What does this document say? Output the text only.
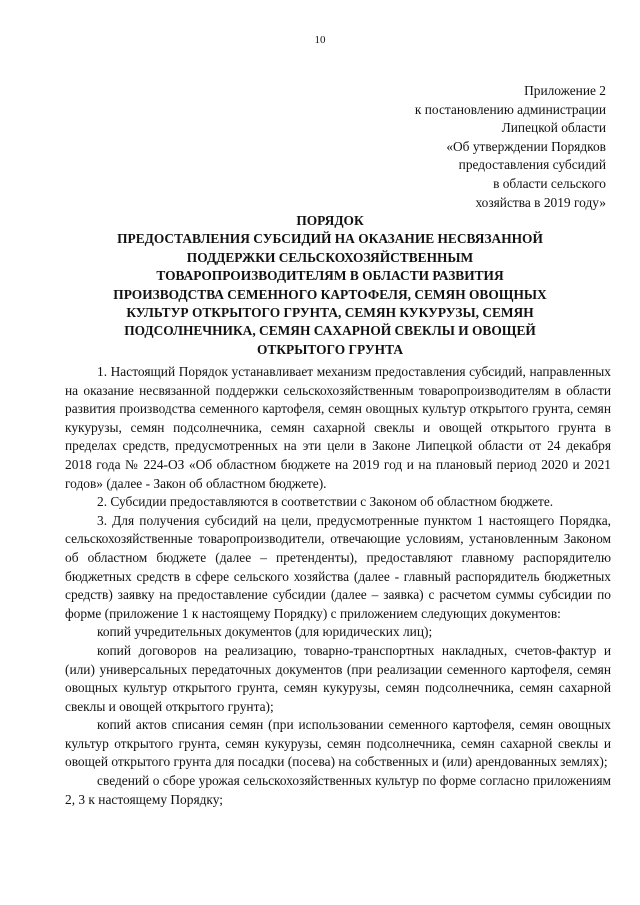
10
Приложение 2
к постановлению администрации
Липецкой области
«Об утверждении Порядков
предоставления субсидий
в области сельского
хозяйства в 2019 году»
ПОРЯДОК
ПРЕДОСТАВЛЕНИЯ СУБСИДИЙ НА ОКАЗАНИЕ НЕСВЯЗАННОЙ
ПОДДЕРЖКИ СЕЛЬСКОХОЗЯЙСТВЕННЫМ
ТОВАРОПРОИЗВОДИТЕЛЯМ В ОБЛАСТИ РАЗВИТИЯ
ПРОИЗВОДСТВА СЕМЕННОГО КАРТОФЕЛЯ, СЕМЯН ОВОЩНЫХ
КУЛЬТУР ОТКРЫТОГО ГРУНТА, СЕМЯН КУКУРУЗЫ, СЕМЯН
ПОДСОЛНЕЧНИКА, СЕМЯН САХАРНОЙ СВЕКЛЫ И ОВОЩЕЙ
ОТКРЫТОГО ГРУНТА

1. Настоящий Порядок устанавливает механизм предоставления субсидий, направленных на оказание несвязанной поддержки сельскохозяйственным товаропроизводителям в области развития производства семенного картофеля, семян овощных культур открытого грунта, семян кукурузы, семян подсолнечника, семян сахарной свеклы и овощей открытого грунта в пределах средств, предусмотренных на эти цели в Законе Липецкой области от 24 декабря 2018 года № 224-ОЗ «Об областном бюджете на 2019 год и на плановый период 2020 и 2021 годов» (далее - Закон об областном бюджете).

2. Субсидии предоставляются в соответствии с Законом об областном бюджете.

3. Для получения субсидий на цели, предусмотренные пунктом 1 настоящего Порядка, сельскохозяйственные товаропроизводители, отвечающие условиям, установленным Законом об областном бюджете (далее – претенденты), предоставляют главному распорядителю бюджетных средств в сфере сельского хозяйства (далее - главный распорядитель бюджетных средств) заявку на предоставление субсидии (далее – заявка) с расчетом суммы субсидии по форме (приложение 1 к настоящему Порядку) с приложением следующих документов:

копий учредительных документов (для юридических лиц);

копий договоров на реализацию, товарно-транспортных накладных, счетов-фактур и (или) универсальных передаточных документов (при реализации семенного картофеля, семян овощных культур открытого грунта, семян кукурузы, семян подсолнечника, семян сахарной свеклы и овощей открытого грунта);

копий актов списания семян (при использовании семенного картофеля, семян овощных культур открытого грунта, семян кукурузы, семян подсолнечника, семян сахарной свеклы и овощей открытого грунта для посадки (посева) на собственных и (или) арендованных землях);

сведений о сборе урожая сельскохозяйственных культур по форме согласно приложениям 2, 3 к настоящему Порядку;
